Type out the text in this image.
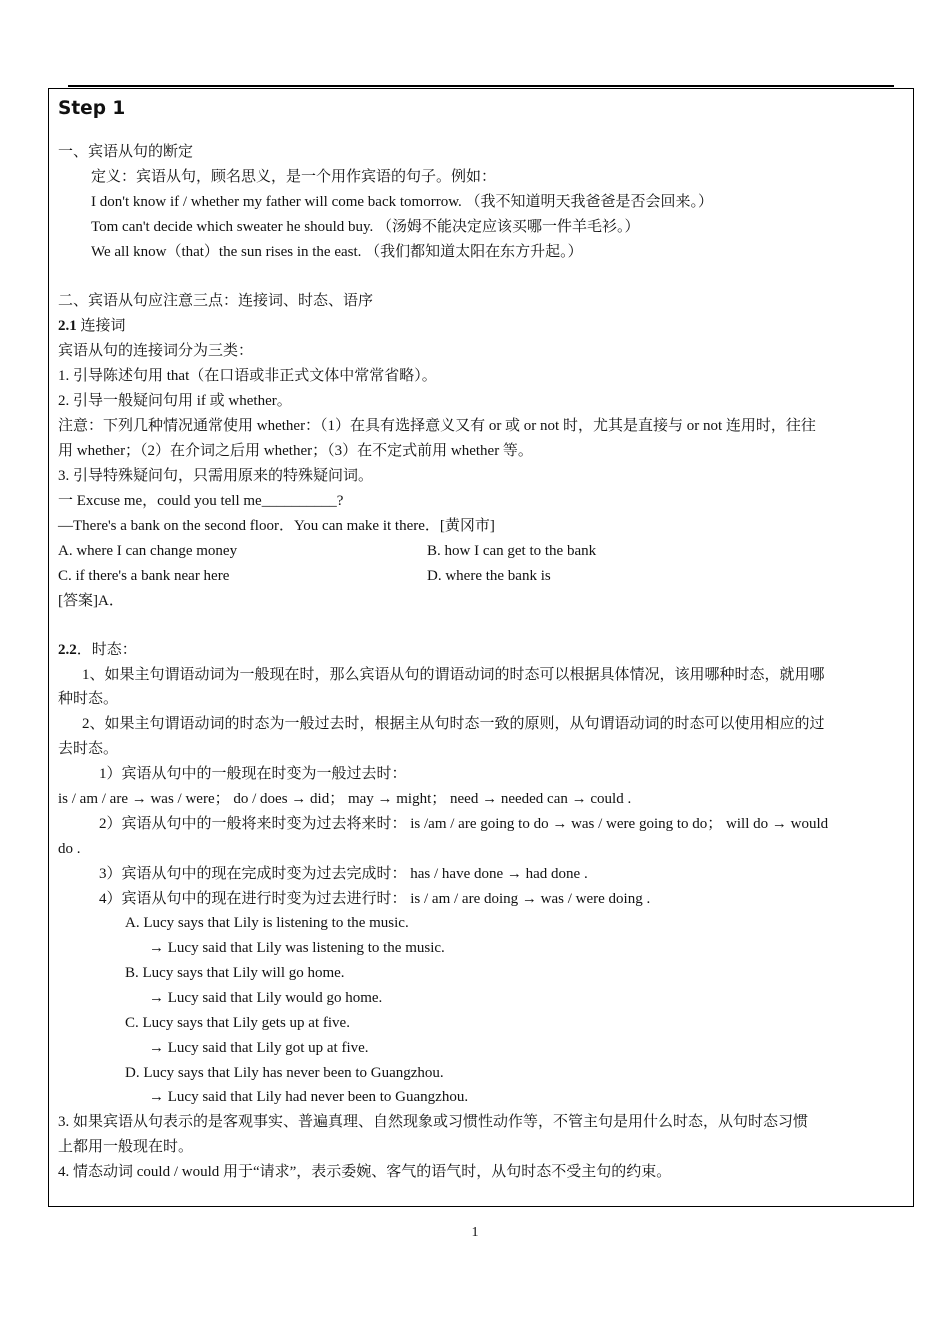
Step 1
一、宾语从句的断定
定义：宾语从句，顾名思义，是一个用作宾语的句子。例如：
I don't know if / whether my father will come back tomorrow. （我不知道明天我爸爸是否会回来。）
Tom can't decide which sweater he should buy. （汤姆不能决定应该买哪一件羊毛衫。）
We all know（that）the sun rises in the east. （我们都知道太阳在东方升起。）
二、宾语从句应注意三点：连接词、时态、语序
2.1 连接词
宾语从句的连接词分为三类：
1. 引导陈述句用 that（在口语或非正式文体中常常省略）。
2. 引导一般疑问句用 if 或 whether。
注意：下列几种情况通常使用 whether：（1）在具有选择意义又有 or 或 or not 时，尤其是直接与 or not 连用时，往往
用 whether；（2）在介词之后用 whether；（3）在不定式前用 whether 等。
3. 引导特殊疑问句，只需用原来的特殊疑问词。
一 Excuse me，could you tell me__________?
—There's a bank on the second floor．You can make it there．[黄冈市]
A. where I can change money	B. how I can get to the bank
C. if there's a bank near here	D. where the bank is
[答案]A．
2.2．时态：
1、如果主句谓语动词为一般现在时，那么宾语从句的谓语动词的时态可以根据具体情况，该用哪种时态，就用哪
种时态。
2、如果主句谓语动词的时态为一般过去时，根据主从句时态一致的原则，从句谓语动词的时态可以使用相应的过
去时态。
1）宾语从句中的一般现在时变为一般过去时：
is / am / are → was / were； do / does → did； may → might； need → needed can → could .
2）宾语从句中的一般将来时变为过去将来时： is /am / are going to do → was / were going to do； will do → would
do .
3）宾语从句中的现在完成时变为过去完成时： has / have done → had done .
4）宾语从句中的现在进行时变为过去进行时： is / am / are doing → was / were doing .
A. Lucy says that Lily is listening to the music.
→ Lucy said that Lily was listening to the music.
B. Lucy says that Lily will go home.
→ Lucy said that Lily would go home.
C. Lucy says that Lily gets up at five.
→ Lucy said that Lily got up at five.
D. Lucy says that Lily has never been to Guangzhou.
→ Lucy said that Lily had never been to Guangzhou.
3. 如果宾语从句表示的是客观事实、普遍真理、自然现象或习惯性动作等，不管主句是用什么时态，从句时态习惯
上都用一般现在时。
4. 情态动词 could / would 用于“请求”，表示委婉、客气的语气时，从句时态不受主句的约束。
1
